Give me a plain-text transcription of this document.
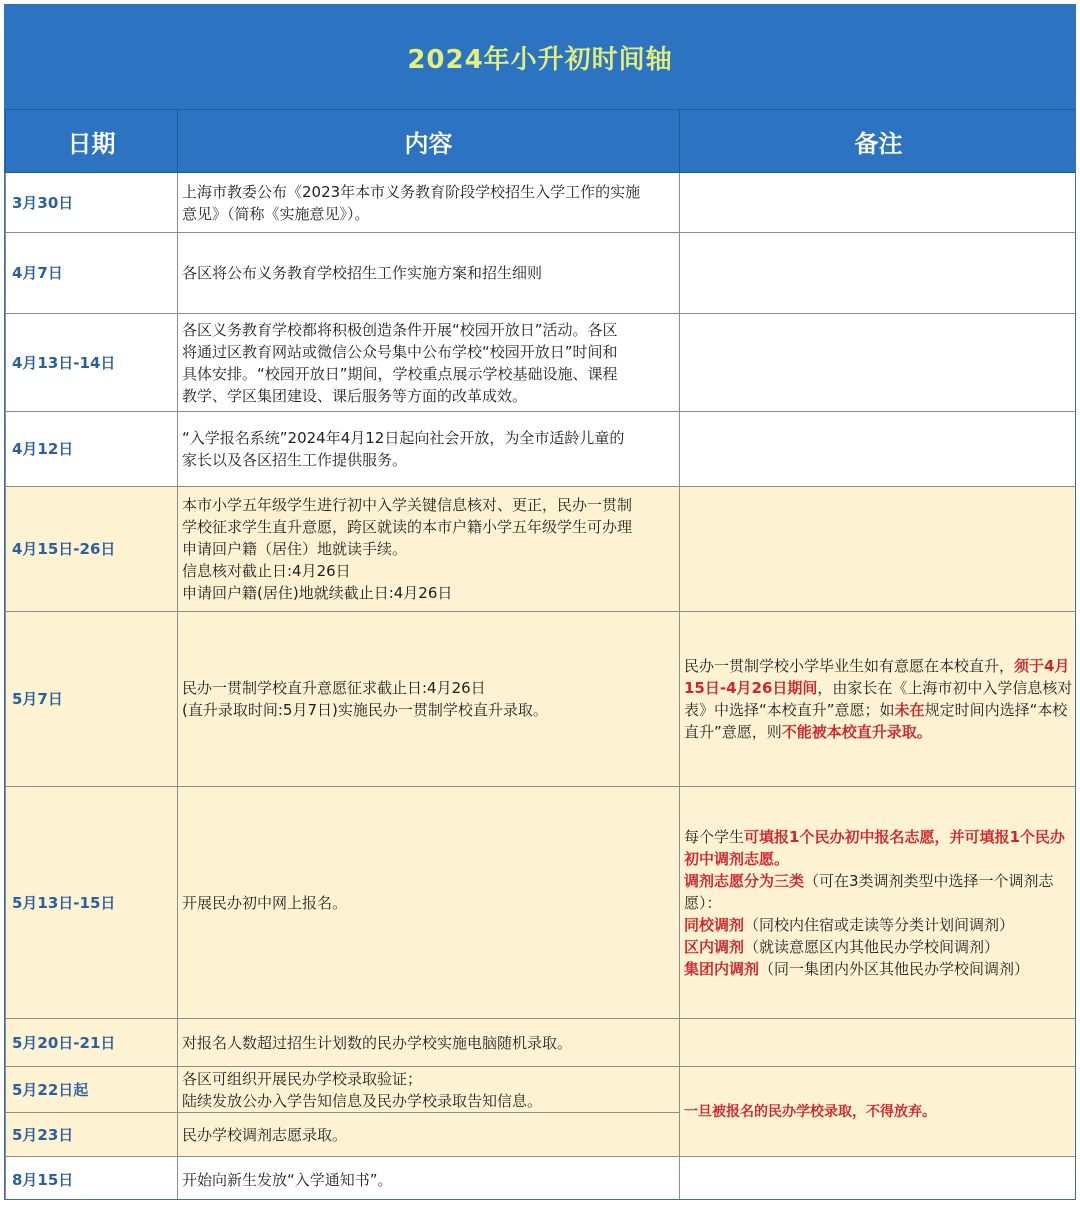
2024年小升初时间轴
日期	内容	备注
3月30日	上海市教委公布《2023年本市义务教育阶段学校招生入学工作的实施
意见》（简称《实施意见》）。	

4月7日	各区将公布义务教育学校招生工作实施方案和招生细则	

4月13日-14日	各区义务教育学校都将积极创造条件开展“校园开放日”活动。各区
将通过区教育网站或微信公众号集中公布学校“校园开放日”时间和
具体安排。“校园开放日”期间，学校重点展示学校基础设施、课程
教学、学区集团建设、课后服务等方面的改革成效。	

4月12日	“入学报名系统”2024年4月12日起向社会开放，为全市适龄儿童的
家长以及各区招生工作提供服务。	

4月15日-26日	本市小学五年级学生进行初中入学关键信息核对、更正，民办一贯制
学校征求学生直升意愿，跨区就读的本市户籍小学五年级学生可办理
申请回户籍（居住）地就读手续。
信息核对截止日:4月26日
申请回户籍(居住)地就续截止日:4月26日	

5月7日	民办一贯制学校直升意愿征求截止日:4月26日
(直升录取时间:5月7日)实施民办一贯制学校直升录取。	民办一贯制学校小学毕业生如有意愿在本校直升，须于4月15日-4月26日期间，由家长在《上海市初中入学信息核对表》中选择“本校直升”意愿；如未在规定时间内选择“本校直升”意愿，则不能被本校直升录取。
5月13日-15日	开展民办初中网上报名。	每个学生可填报1个民办初中报名志愿，并可填报1个民办初中调剂志愿。
调剂志愿分为三类（可在3类调剂类型中选择一个调剂志愿）：
同校调剂（同校内住宿或走读等分类计划间调剂）
区内调剂（就读意愿区内其他民办学校间调剂）
集团内调剂（同一集团内外区其他民办学校间调剂）

5月20日-21日	对报名人数超过招生计划数的民办学校实施电脑随机录取。	

5月22日起	各区可组织开展民办学校录取验证；
陆续发放公办入学告知信息及民办学校录取告知信息。	一旦被报名的民办学校录取，不得放弃。
5月23日	民办学校调剂志愿录取。	

8月15日	开始向新生发放“入学通知书”。	
